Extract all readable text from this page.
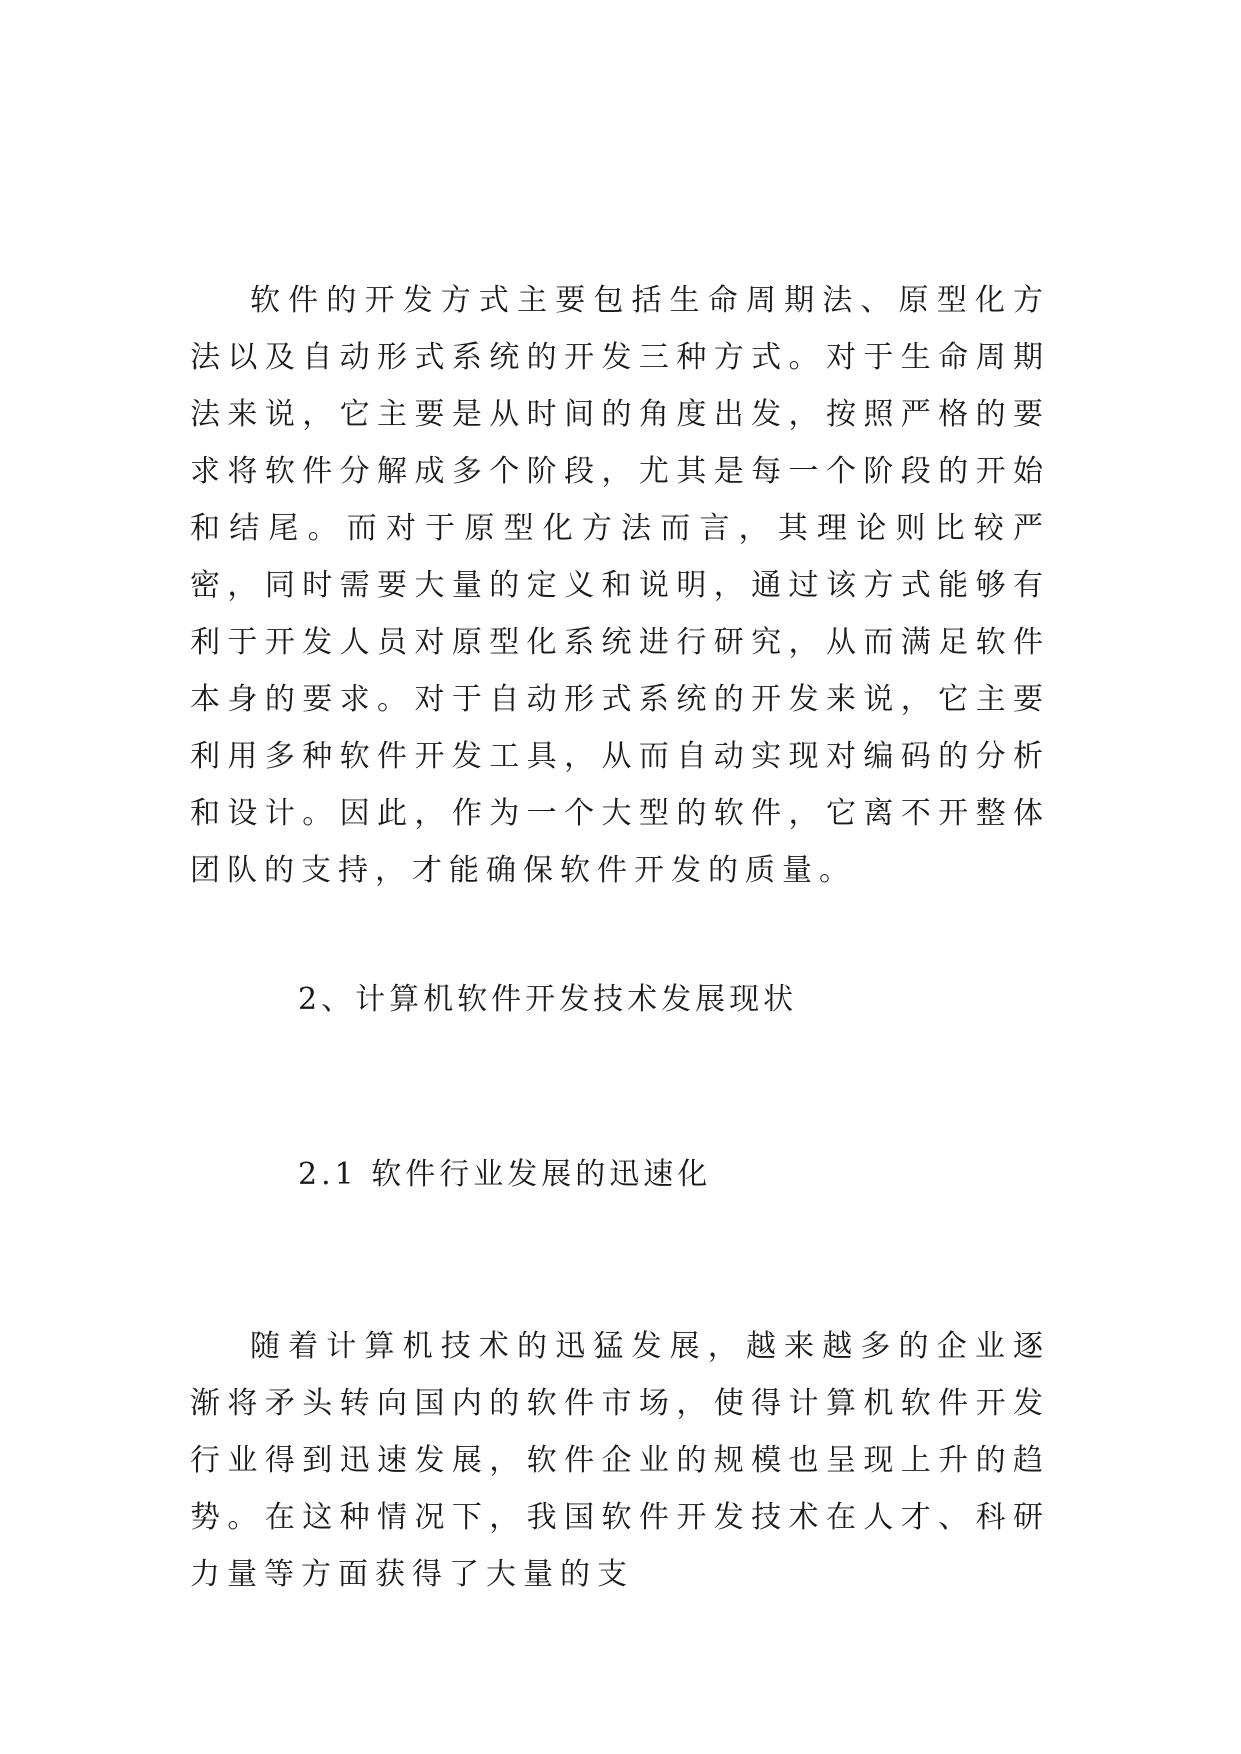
软件的开发方式主要包括生命周期法、原型化方法以及自动形式系统的开发三种方式。对于生命周期法来说，它主要是从时间的角度出发，按照严格的要求将软件分解成多个阶段，尤其是每一个阶段的开始和结尾。而对于原型化方法而言，其理论则比较严密，同时需要大量的定义和说明，通过该方式能够有利于开发人员对原型化系统进行研究，从而满足软件本身的要求。对于自动形式系统的开发来说，它主要利用多种软件开发工具，从而自动实现对编码的分析和设计。因此，作为一个大型的软件，它离不开整体团队的支持，才能确保软件开发的质量。

2、计算机软件开发技术发展现状
2.1 软件行业发展的迅速化

随着计算机技术的迅猛发展，越来越多的企业逐渐将矛头转向国内的软件市场，使得计算机软件开发行业得到迅速发展，软件企业的规模也呈现上升的趋势。在这种情况下，我国软件开发技术在人才、科研力量等方面获得了大量的支
